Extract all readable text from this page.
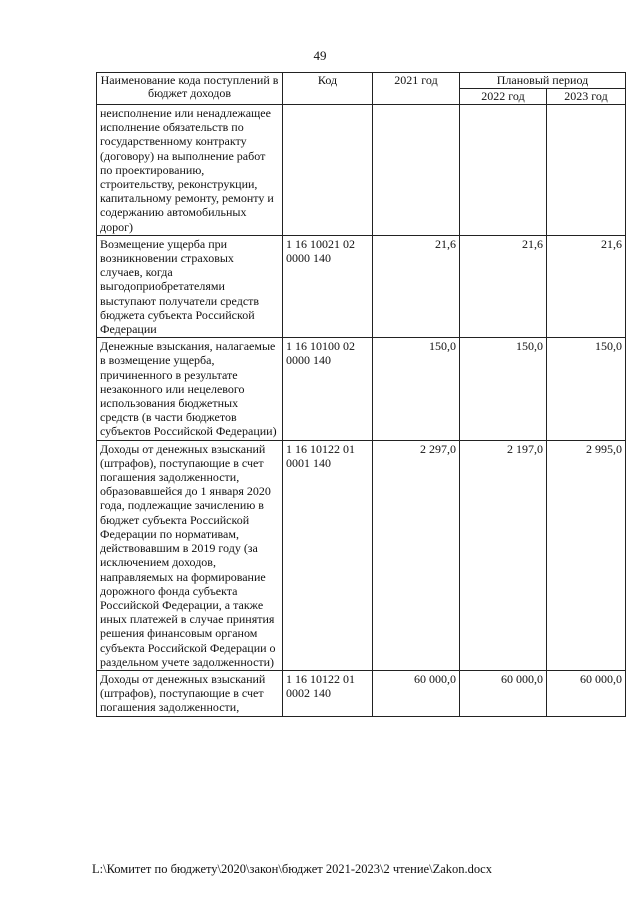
49
Наименование кода поступлений в бюджет доходов	Код	2021 год	Плановый период	
			2022 год	2023 год
неисполнение или ненадлежащее исполнение обязательств по государственному контракту (договору) на выполнение работ по проектированию, строительству, реконструкции, капитальному ремонту, ремонту и содержанию автомобильных дорог)				
Возмещение ущерба при возникновении страховых случаев, когда выгодоприобретателями выступают получатели средств бюджета субъекта Российской Федерации	1 16 10021 02 0000 140	21,6	21,6	21,6
Денежные взыскания, налагаемые в возмещение ущерба, причиненного в результате незаконного или нецелевого использования бюджетных средств (в части бюджетов субъектов Российской Федерации)	1 16 10100 02 0000 140	150,0	150,0	150,0
Доходы от денежных взысканий (штрафов), поступающие в счет погашения задолженности, образовавшейся до 1 января 2020 года, подлежащие зачислению в бюджет субъекта Российской Федерации по нормативам, действовавшим в 2019 году (за исключением доходов, направляемых на формирование дорожного фонда субъекта Российской Федерации, а также иных платежей в случае принятия решения финансовым органом субъекта Российской Федерации о раздельном учете задолженности)	1 16 10122 01 0001 140	2 297,0	2 197,0	2 995,0
Доходы от денежных взысканий (штрафов), поступающие в счет погашения задолженности,	1 16 10122 01 0002 140	60 000,0	60 000,0	60 000,0
L:\Комитет по бюджету\2020\закон\бюджет 2021-2023\2 чтение\Zakon.docx
